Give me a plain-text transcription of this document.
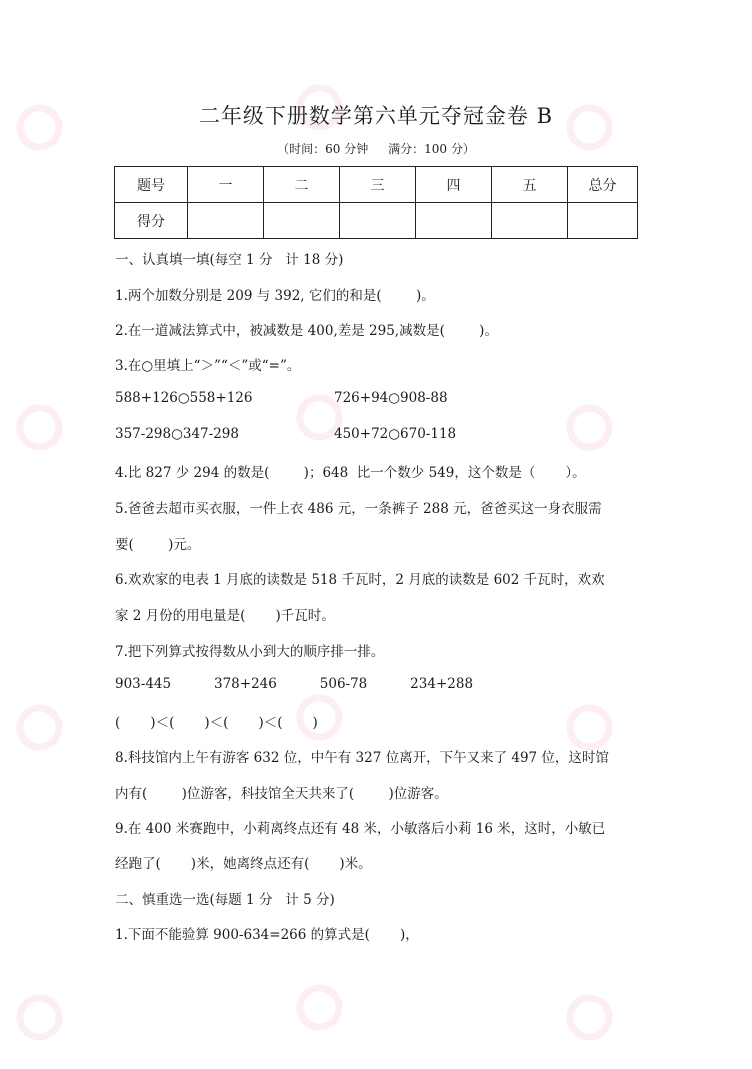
二年级下册数学第六单元夺冠金卷 B
（时间：60 分钟 满分：100 分）
题号	一	二	三	四	五	总分
得分						
一、认真填一填(每空 1 分   计 18 分)
1.两个加数分别是 209 与 392, 它们的和是(        )。
2.在一道减法算式中，被减数是 400,差是 295,减数是(        )。
3.在○里填上“＞”“＜”或“=”。
588+126○558+126	726+94○908-88
357-298○347-298	450+72○670-118
4.比 827 少 294 的数是(        )；648  比一个数少 549，这个数是（       ）。
5.爸爸去超市买衣服，一件上衣 486 元，一条裤子 288 元，爸爸买这一身衣服需
要(        )元。
6.欢欢家的电表 1 月底的读数是 518 千瓦时，2 月底的读数是 602 千瓦时，欢欢
家 2 月份的用电量是(       )千瓦时。
7.把下列算式按得数从小到大的顺序排一排。
903-445          378+246          506-78          234+288
(       )＜(       )＜(       )＜(       )
8.科技馆内上午有游客 632 位，中午有 327 位离开，下午又来了 497 位，这时馆
内有(        )位游客，科技馆全天共来了(        )位游客。
9.在 400 米赛跑中，小莉离终点还有 48 米，小敏落后小莉 16 米，这时，小敏已
经跑了(       )米，她离终点还有(       )米。
二、慎重选一选(每题 1 分   计 5 分)
1.下面不能验算 900-634=266 的算式是(       )，
